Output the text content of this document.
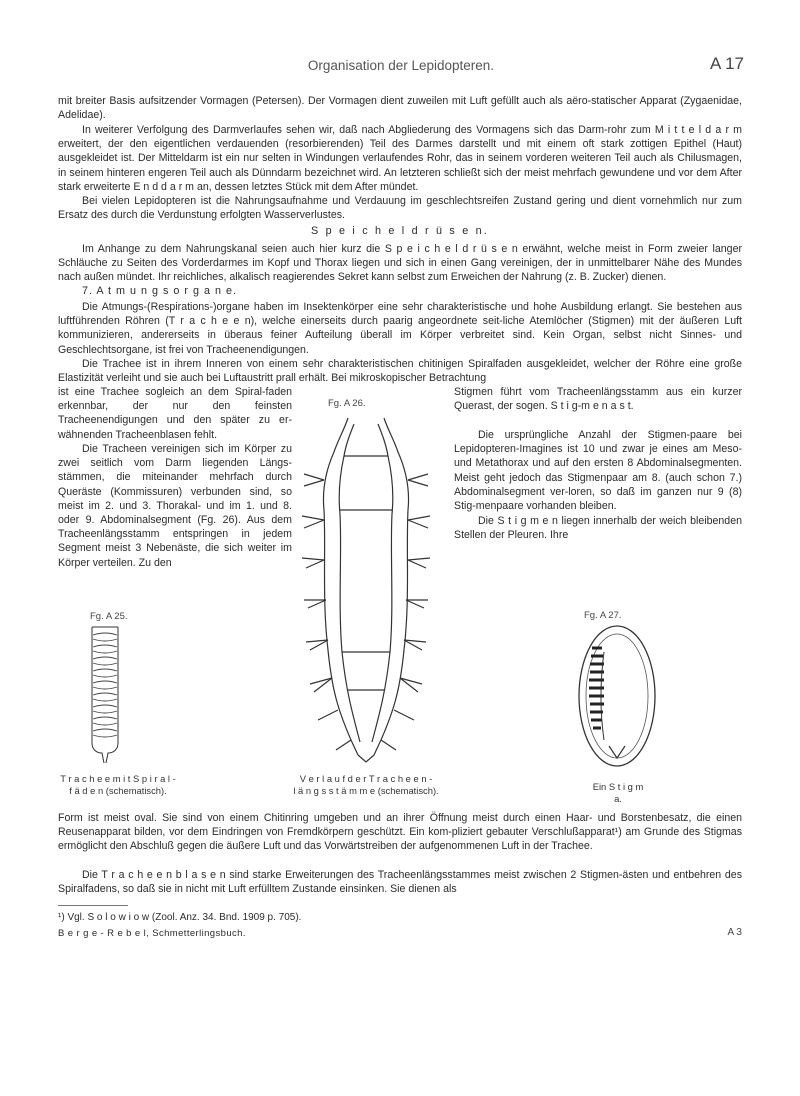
Organisation der Lepidopteren.	A 17

mit breiter Basis aufsitzender Vormagen (Petersen). Der Vormagen dient zuweilen mit Luft gefüllt auch als aëro-statischer Apparat (Zygaenidae, Adelidae).

In weiterer Verfolgung des Darmverlaufes sehen wir, daß nach Abgliederung des Vormagens sich das Darm-rohr zum M i t t e l d a r m erweitert, der den eigentlichen verdauenden (resorbierenden) Teil des Darmes darstellt und mit einem oft stark zottigen Epithel (Haut) ausgekleidet ist. Der Mitteldarm ist ein nur selten in Windungen verlaufendes Rohr, das in seinem vorderen weiteren Teil auch als Chilusmagen, in seinem hinteren engeren Teil auch als Dünndarm bezeichnet wird. An letzteren schließt sich der meist mehrfach gewundene und vor dem After stark erweiterte E n d d a r m an, dessen letztes Stück mit dem After mündet.

Bei vielen Lepidopteren ist die Nahrungsaufnahme und Verdauung im geschlechtsreifen Zustand gering und dient vornehmlich nur zum Ersatz des durch die Verdunstung erfolgten Wasserverlustes.

S p e i c h e l d r ü s e n.

Im Anhange zu dem Nahrungskanal seien auch hier kurz die S p e i c h e l d r ü s e n erwähnt, welche meist in Form zweier langer Schläuche zu Seiten des Vorderdarmes im Kopf und Thorax liegen und sich in einen Gang vereinigen, der in unmittelbarer Nähe des Mundes nach außen mündet. Ihr reichliches, alkalisch reagierendes Sekret kann selbst zum Erweichen der Nahrung (z. B. Zucker) dienen.

7. A t m u n g s o r g a n e.

Die Atmungs-(Respirations-)organe haben im Insektenkörper eine sehr charakteristische und hohe Ausbildung erlangt. Sie bestehen aus luftführenden Röhren (T r a c h e e n), welche einerseits durch paarig angeordnete seit-liche Atemlöcher (Stigmen) mit der äußeren Luft kommunizieren, andererseits in überaus feiner Aufteilung überall im Körper verbreitet sind. Kein Organ, selbst nicht Sinnes- und Geschlechtsorgane, ist frei von Tracheenendigungen.

Die Trachee ist in ihrem Inneren von einem sehr charakteristischen chitinigen Spiralfaden ausgekleidet, welcher der Röhre eine große Elastizität verleiht und sie auch bei Luftaustritt prall erhält. Bei mikroskopischer Betrachtung

ist eine Trachee sogleich an dem Spiral-faden erkennbar, der nur den feinsten Tracheenendigungen und den später zu er-wähnenden Tracheenblasen fehlt.

Die Tracheen vereinigen sich im Körper zu zwei seitlich vom Darm liegenden Längs-stämmen, die miteinander mehrfach durch Queräste (Kommissuren) verbunden sind, so meist im 2. und 3. Thorakal- und im 1. und 8. oder 9. Abdominalsegment (Fg. 26). Aus dem Tracheenlängsstamm entspringen in jedem Segment meist 3 Nebenäste, die sich weiter im Körper verteilen. Zu den

Stigmen führt vom Tracheenlängsstamm aus ein kurzer Querast, der sogen. S t i g-m e n a s t.

Die ursprüngliche Anzahl der Stigmen-paare bei Lepidopteren-Imagines ist 10 und zwar je eines am Meso- und Metathorax und auf den ersten 8 Abdominalsegmenten. Meist geht jedoch das Stigmenpaar am 8. (auch schon 7.) Abdominalsegment ver-loren, so daß im ganzen nur 9 (8) Stig-menpaare vorhanden bleiben.

Die S t i g m e n liegen innerhalb der weich bleibenden Stellen der Pleuren. Ihre

Fg. A 26.
V e r l a u f d e r T r a c h e e n -
l ä n g s s t ä m m e (schematisch).
Fg. A 25.
T r a c h e e m i t S p i r a l -
f ä d e n (schematisch).
Fg. A 27.
Ein S t i g m a.

Form ist meist oval. Sie sind von einem Chitinring umgeben und an ihrer Öffnung meist durch einen Haar- und Borstenbesatz, die einen Reusenapparat bilden, vor dem Eindringen von Fremdkörpern geschützt. Ein kom-pliziert gebauter Verschlußapparat¹) am Grunde des Stigmas ermöglicht den Abschluß gegen die äußere Luft und das Vorwärtstreiben der aufgenommenen Luft in der Trachee.

Die T r a c h e e n b l a s e n sind starke Erweiterungen des Tracheenlängsstammes meist zwischen 2 Stigmen-ästen und entbehren des Spiralfadens, so daß sie in nicht mit Luft erfülltem Zustande einsinken. Sie dienen als

¹) Vgl. S o l o w i o w (Zool. Anz. 34. Bnd. 1909 p. 705).
B e r g e - R e b e l, Schmetterlingsbuch.	A 3
